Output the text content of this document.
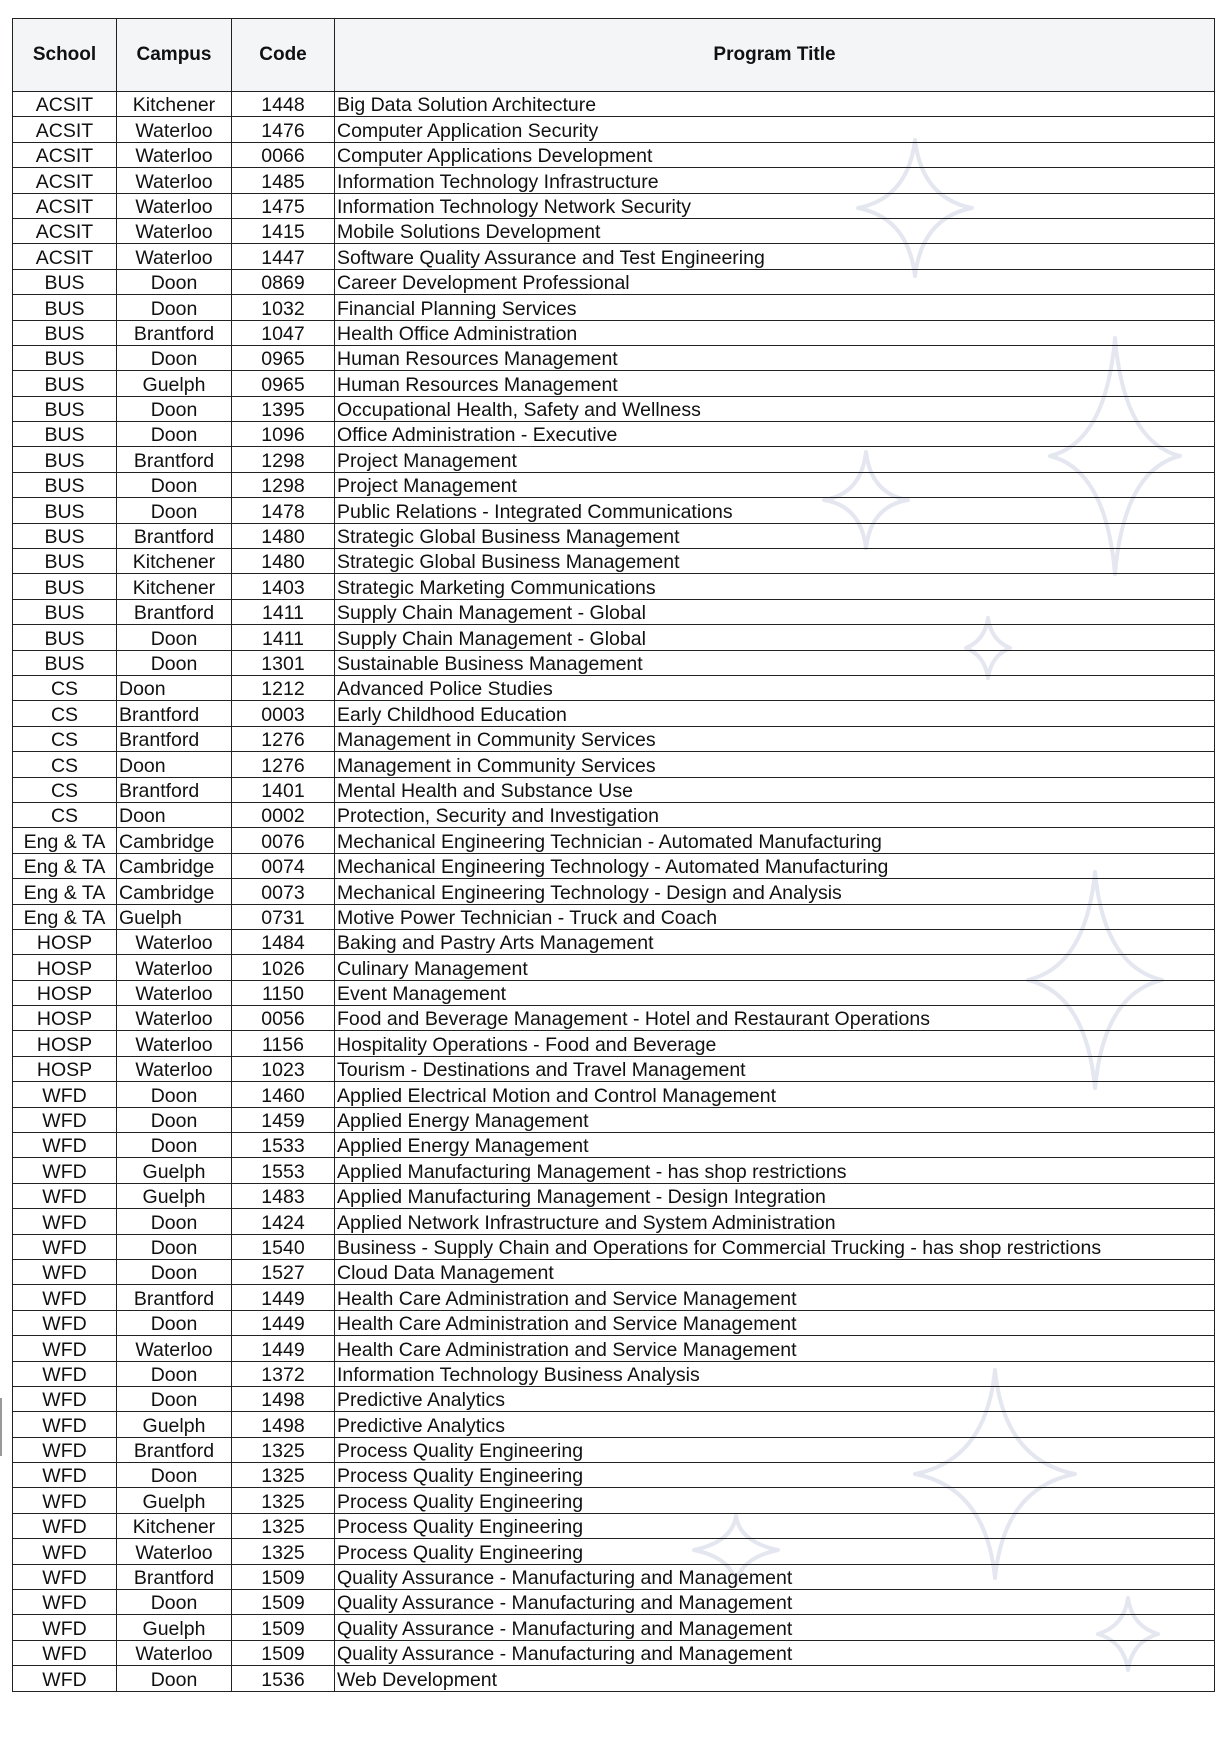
School	Campus	Code	Program Title
ACSIT	Kitchener	1448	Big Data Solution Architecture
ACSIT	Waterloo	1476	Computer Application Security
ACSIT	Waterloo	0066	Computer Applications Development
ACSIT	Waterloo	1485	Information Technology Infrastructure
ACSIT	Waterloo	1475	Information Technology Network Security
ACSIT	Waterloo	1415	Mobile Solutions Development
ACSIT	Waterloo	1447	Software Quality Assurance and Test Engineering
BUS	Doon	0869	Career Development Professional
BUS	Doon	1032	Financial Planning Services
BUS	Brantford	1047	Health Office Administration
BUS	Doon	0965	Human Resources Management
BUS	Guelph	0965	Human Resources Management
BUS	Doon	1395	Occupational Health, Safety and Wellness
BUS	Doon	1096	Office Administration - Executive
BUS	Brantford	1298	Project Management
BUS	Doon	1298	Project Management
BUS	Doon	1478	Public Relations - Integrated Communications
BUS	Brantford	1480	Strategic Global Business Management
BUS	Kitchener	1480	Strategic Global Business Management
BUS	Kitchener	1403	Strategic Marketing Communications
BUS	Brantford	1411	Supply Chain Management - Global
BUS	Doon	1411	Supply Chain Management - Global
BUS	Doon	1301	Sustainable Business Management
CS	Doon	1212	Advanced Police Studies
CS	Brantford	0003	Early Childhood Education
CS	Brantford	1276	Management in Community Services
CS	Doon	1276	Management in Community Services
CS	Brantford	1401	Mental Health and Substance Use
CS	Doon	0002	Protection, Security and Investigation
Eng & TA	Cambridge	0076	Mechanical Engineering Technician - Automated Manufacturing
Eng & TA	Cambridge	0074	Mechanical Engineering Technology - Automated Manufacturing
Eng & TA	Cambridge	0073	Mechanical Engineering Technology - Design and Analysis
Eng & TA	Guelph	0731	Motive Power Technician - Truck and Coach
HOSP	Waterloo	1484	Baking and Pastry Arts Management
HOSP	Waterloo	1026	Culinary Management
HOSP	Waterloo	1150	Event Management
HOSP	Waterloo	0056	Food and Beverage Management - Hotel and Restaurant Operations
HOSP	Waterloo	1156	Hospitality Operations - Food and Beverage
HOSP	Waterloo	1023	Tourism - Destinations and Travel Management
WFD	Doon	1460	Applied Electrical Motion and Control Management
WFD	Doon	1459	Applied Energy Management
WFD	Doon	1533	Applied Energy Management
WFD	Guelph	1553	Applied Manufacturing Management - has shop restrictions
WFD	Guelph	1483	Applied Manufacturing Management - Design Integration
WFD	Doon	1424	Applied Network Infrastructure and System Administration
WFD	Doon	1540	Business - Supply Chain and Operations for Commercial Trucking - has shop restrictions
WFD	Doon	1527	Cloud Data Management
WFD	Brantford	1449	Health Care Administration and Service Management
WFD	Doon	1449	Health Care Administration and Service Management
WFD	Waterloo	1449	Health Care Administration and Service Management
WFD	Doon	1372	Information Technology Business Analysis
WFD	Doon	1498	Predictive Analytics
WFD	Guelph	1498	Predictive Analytics
WFD	Brantford	1325	Process Quality Engineering
WFD	Doon	1325	Process Quality Engineering
WFD	Guelph	1325	Process Quality Engineering
WFD	Kitchener	1325	Process Quality Engineering
WFD	Waterloo	1325	Process Quality Engineering
WFD	Brantford	1509	Quality Assurance - Manufacturing and Management
WFD	Doon	1509	Quality Assurance - Manufacturing and Management
WFD	Guelph	1509	Quality Assurance - Manufacturing and Management
WFD	Waterloo	1509	Quality Assurance - Manufacturing and Management
WFD	Doon	1536	Web Development
